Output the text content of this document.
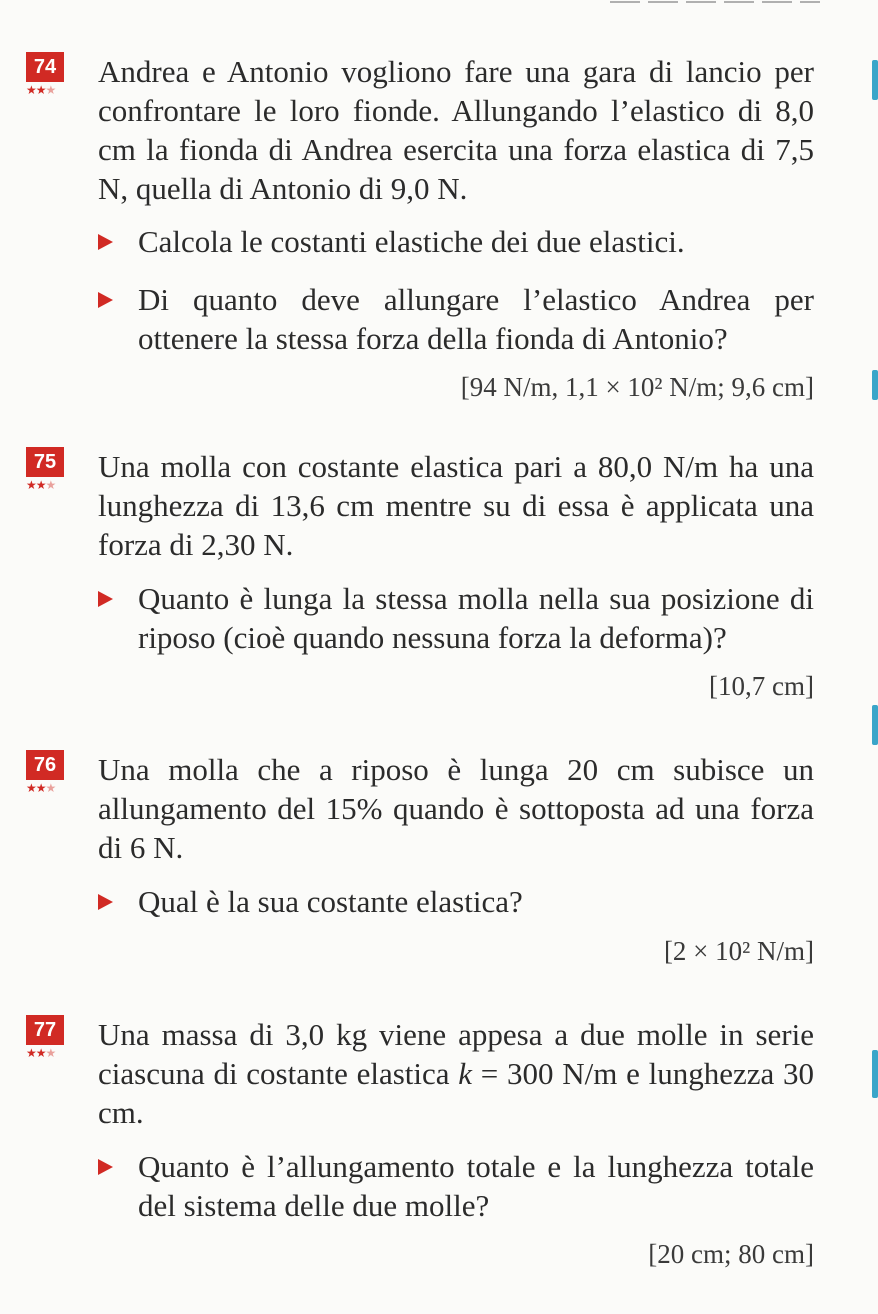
74
★★★

Andrea e Antonio vogliono fare una gara di lancio per confrontare le loro fionde. Allungando l’elastico di 8,0 cm la fionda di Andrea esercita una forza elastica di 7,5 N, quella di Antonio di 9,0 N.

Calcola le costanti elastiche dei due elastici.

Di quanto deve allungare l’elastico Andrea per ottenere la stessa forza della fionda di Antonio?

[94 N/m, 1,1 × 10² N/m; 9,6 cm]
75
★★★

Una molla con costante elastica pari a 80,0 N/m ha una lunghezza di 13,6 cm mentre su di essa è applicata una forza di 2,30 N.

Quanto è lunga la stessa molla nella sua posizione di riposo (cioè quando nessuna forza la deforma)?

[10,7 cm]
76
★★★

Una molla che a riposo è lunga 20 cm subisce un allungamento del 15% quando è sottoposta ad una forza di 6 N.

Qual è la sua costante elastica?

[2 × 10² N/m]
77
★★★

Una massa di 3,0 kg viene appesa a due molle in serie ciascuna di costante elastica k = 300 N/m e lunghezza 30 cm.

Quanto è l’allungamento totale e la lunghezza totale del sistema delle due molle?

[20 cm; 80 cm]
